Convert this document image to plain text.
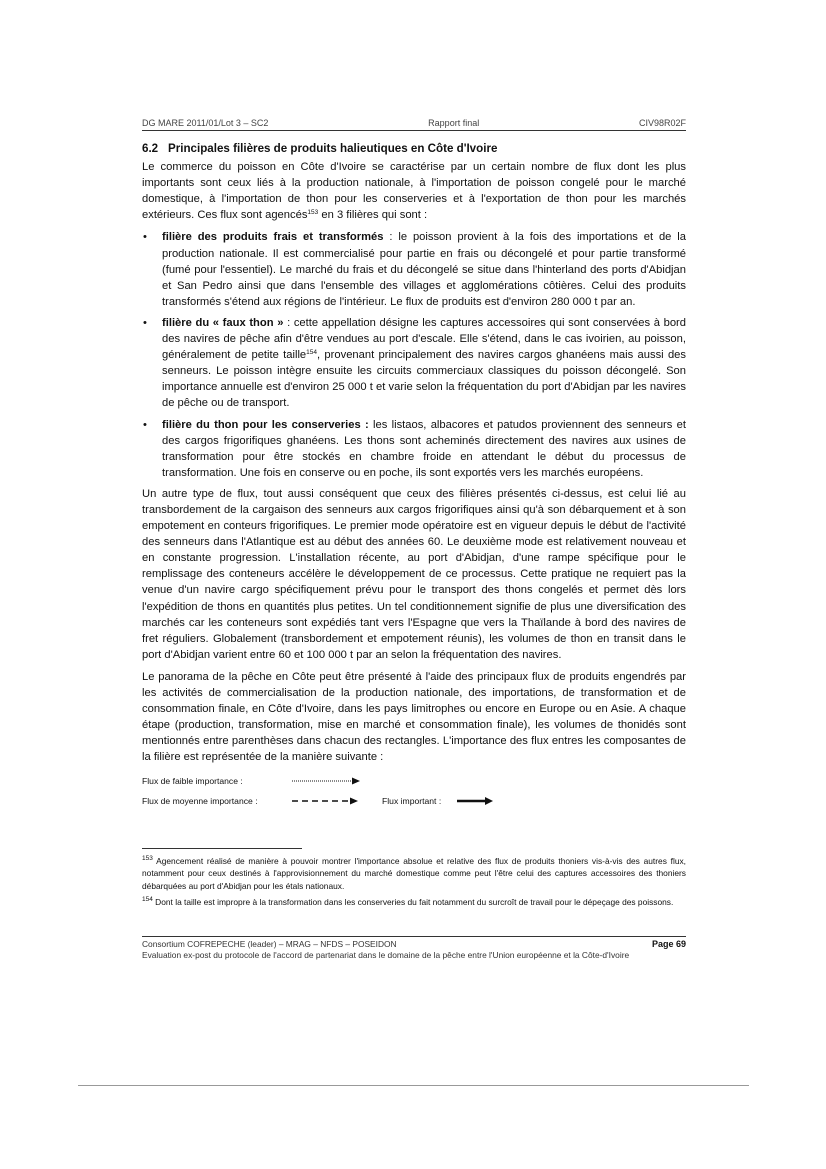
DG MARE 2011/01/Lot 3 – SC2	Rapport final	CIV98R02F
6.2 Principales filières de produits halieutiques en Côte d'Ivoire

Le commerce du poisson en Côte d'Ivoire se caractérise par un certain nombre de flux dont les plus importants sont ceux liés à la production nationale, à l'importation de poisson congelé pour le marché domestique, à l'importation de thon pour les conserveries et à l'exportation de thon pour les marchés extérieurs. Ces flux sont agencés$^{153}$ en 3 filières qui sont :

• filière des produits frais et transformés : le poisson provient à la fois des importations et de la production nationale. Il est commercialisé pour partie en frais ou décongelé et pour partie transformé (fumé pour l'essentiel). Le marché du frais et du décongelé se situe dans l'hinterland des ports d'Abidjan et San Pedro ainsi que dans l'ensemble des villages et agglomérations côtières. Celui des produits transformés s'étend aux régions de l'intérieur. Le flux de produits est d'environ 280 000 t par an.
• filière du « faux thon » : cette appellation désigne les captures accessoires qui sont conservées à bord des navires de pêche afin d'être vendues au port d'escale. Elle s'étend, dans le cas ivoirien, au poisson, généralement de petite taille$^{154}$, provenant principalement des navires cargos ghanéens mais aussi des senneurs. Le poisson intègre ensuite les circuits commerciaux classiques du poisson décongelé. Son importance annuelle est d'environ 25 000 t et varie selon la fréquentation du port d'Abidjan par les navires de pêche ou de transport.
• filière du thon pour les conserveries : les listaos, albacores et patudos proviennent des senneurs et des cargos frigorifiques ghanéens. Les thons sont acheminés directement des navires aux usines de transformation pour être stockés en chambre froide en attendant le début du processus de transformation. Une fois en conserve ou en poche, ils sont exportés vers les marchés européens.

Un autre type de flux, tout aussi conséquent que ceux des filières présentés ci-dessus, est celui lié au transbordement de la cargaison des senneurs aux cargos frigorifiques ainsi qu'à son débarquement et à son empotement en conteurs frigorifiques. Le premier mode opératoire est en vigueur depuis le début de l'activité des senneurs dans l'Atlantique est au début des années 60. Le deuxième mode est relativement nouveau et en constante progression. L'installation récente, au port d'Abidjan, d'une rampe spécifique pour le remplissage des conteneurs accélère le développement de ce processus. Cette pratique ne requiert pas la venue d'un navire cargo spécifiquement prévu pour le transport des thons congelés et permet dès lors l'expédition de thons en quantités plus petites. Un tel conditionnement signifie de plus une diversification des marchés car les conteneurs sont expédiés tant vers l'Espagne que vers la Thaïlande à bord des navires de fret réguliers. Globalement (transbordement et empotement réunis), les volumes de thon en transit dans le port d'Abidjan varient entre 60 et 100 000 t par an selon la fréquentation des navires.

Le panorama de la pêche en Côte peut être présenté à l'aide des principaux flux de produits engendrés par les activités de commercialisation de la production nationale, des importations, de transformation et de consommation finale, en Côte d'Ivoire, dans les pays limitrophes ou encore en Europe ou en Asie. A chaque étape (production, transformation, mise en marché et consommation finale), les volumes de thonidés sont mentionnés entre parenthèses dans chacun des rectangles. L'importance des flux entres les composantes de la filière est représentée de la manière suivante :

Flux de faible importance :
Flux de moyenne importance :	Flux important :

$^{153}$ Agencement réalisé de manière à pouvoir montrer l'importance absolue et relative des flux de produits thoniers vis-à-vis des autres flux, notamment pour ceux destinés à l'approvisionnement du marché domestique comme peut l'être celui des captures accessoires des thoniers débarquées au port d'Abidjan pour les étals nationaux.

$^{154}$ Dont la taille est impropre à la transformation dans les conserveries du fait notamment du surcroît de travail pour le dépeçage des poissons.

Consortium COFREPECHE (leader) – MRAG – NFDS – POSEIDON	Page 69
Evaluation ex-post du protocole de l'accord de partenariat dans le domaine de la pêche entre l'Union européenne et la Côte-d'Ivoire
